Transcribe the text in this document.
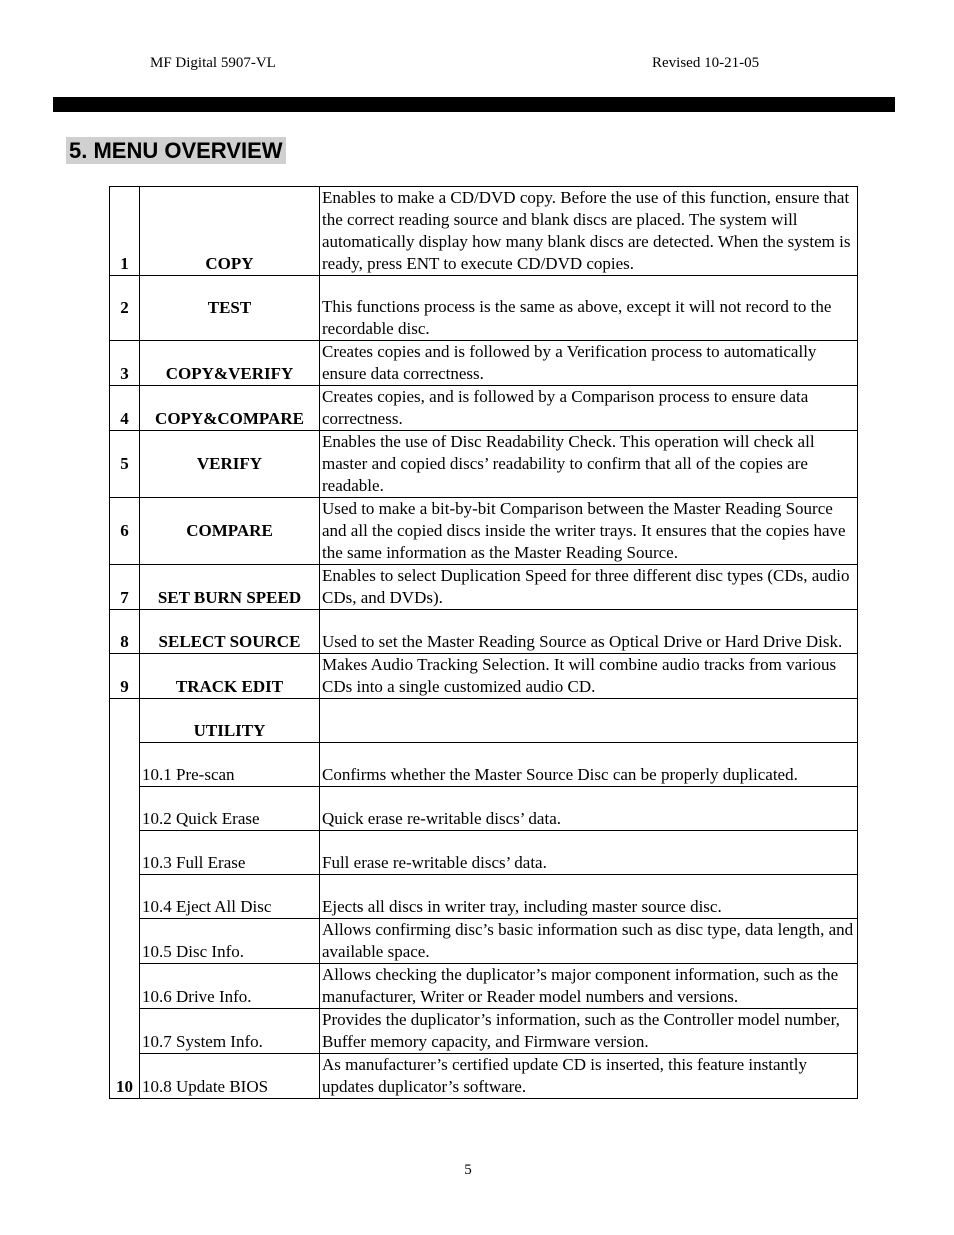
MF Digital 5907-VL	Revised 10-21-05
5. MENU OVERVIEW
1	COPY	Enables to make a CD/DVD copy. Before the use of this function, ensure that the correct reading source and blank discs are placed. The system will automatically display how many blank discs are detected. When the system is ready, press ENT to execute CD/DVD copies.
2	TEST	This functions process is the same as above, except it will not record to the recordable disc.
3	COPY&VERIFY	Creates copies and is followed by a Verification process to automatically ensure data correctness.
4	COPY&COMPARE	Creates copies, and is followed by a Comparison process to ensure data correctness.
5	VERIFY	Enables the use of Disc Readability Check. This operation will check all master and copied discs’ readability to confirm that all of the copies are readable.
6	COMPARE	Used to make a bit-by-bit Comparison between the Master Reading Source and all the copied discs inside the writer trays. It ensures that the copies have the same information as the Master Reading Source.
7	SET BURN SPEED	Enables to select Duplication Speed for three different disc types (CDs, audio CDs, and DVDs).
8	SELECT SOURCE	Used to set the Master Reading Source as Optical Drive or Hard Drive Disk.
9	TRACK EDIT	Makes Audio Tracking Selection. It will combine audio tracks from various CDs into a single customized audio CD.
10	UTILITY	
	10.1 Pre-scan	Confirms whether the Master Source Disc can be properly duplicated.
	10.2 Quick Erase	Quick erase re-writable discs’ data.
	10.3 Full Erase	Full erase re-writable discs’ data.
	10.4 Eject All Disc	Ejects all discs in writer tray, including master source disc.
	10.5 Disc Info.	Allows confirming disc’s basic information such as disc type, data length, and available space.
	10.6 Drive Info.	Allows checking the duplicator’s major component information, such as the manufacturer, Writer or Reader model numbers and versions.
	10.7 System Info.	Provides the duplicator’s information, such as the Controller model number, Buffer memory capacity, and Firmware version.
	10.8 Update BIOS	As manufacturer’s certified update CD is inserted, this feature instantly updates duplicator’s software.
5
